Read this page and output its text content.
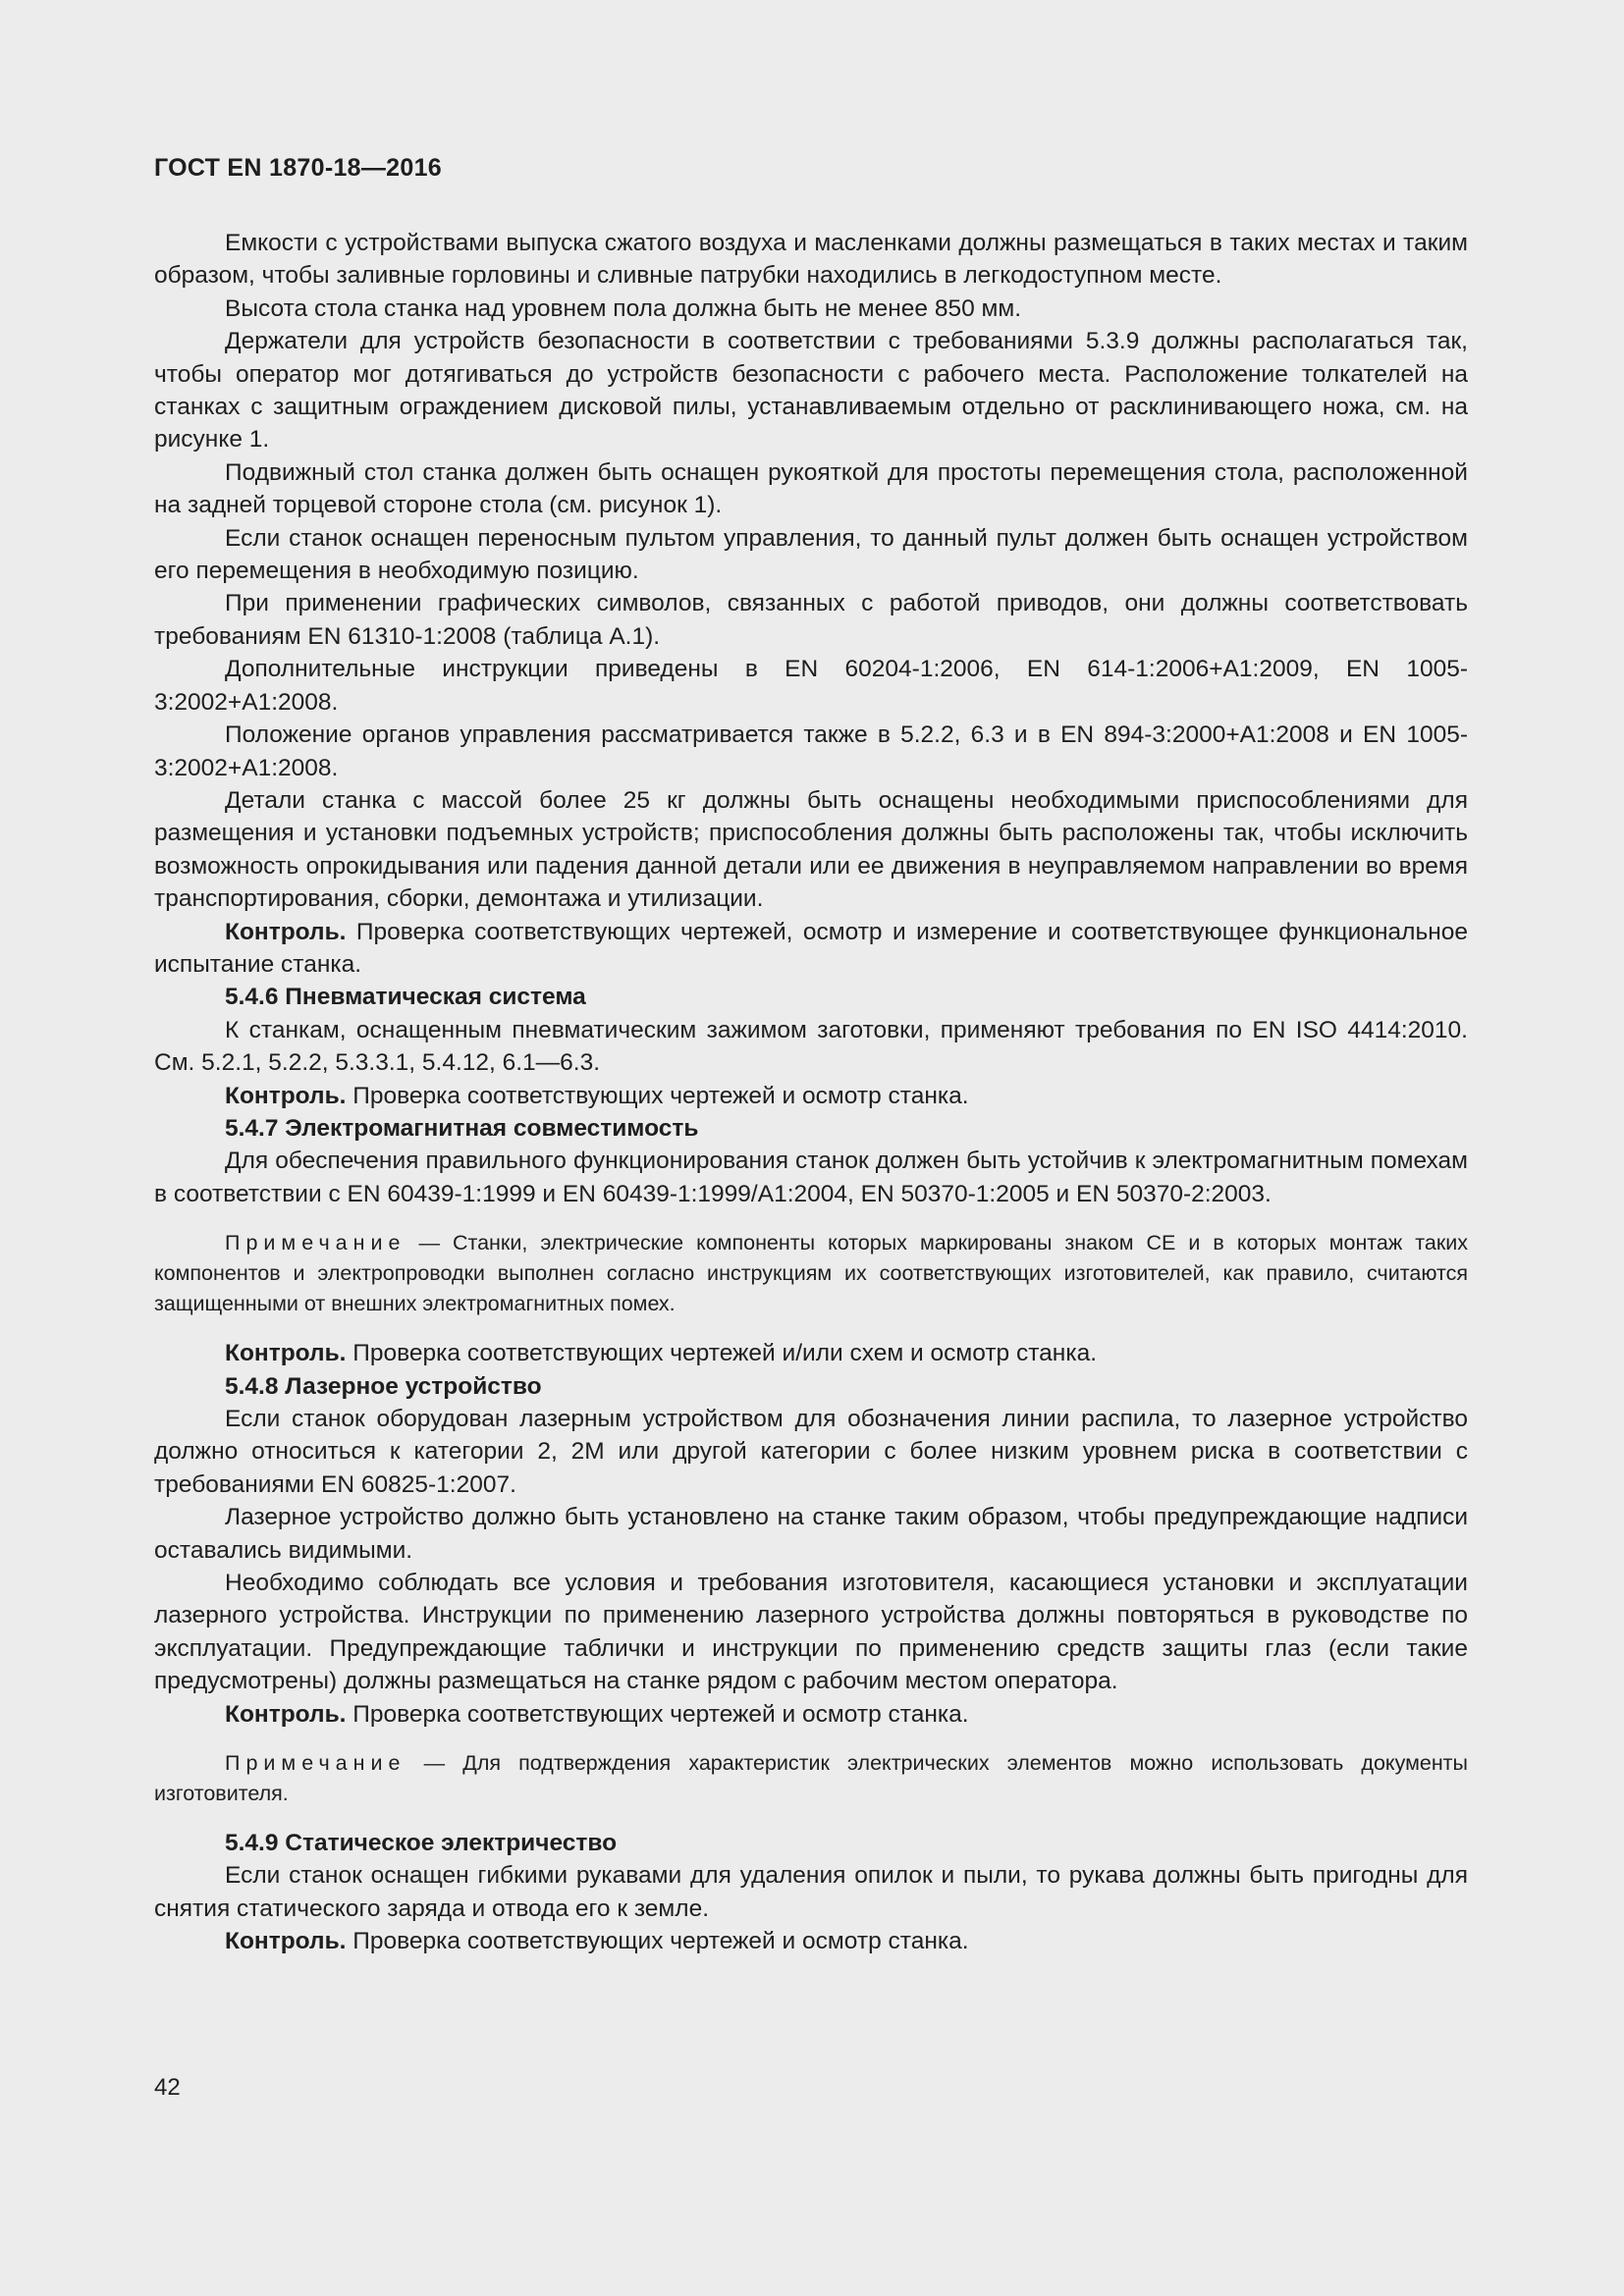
ГОСТ EN 1870-18—2016

Емкости с устройствами выпуска сжатого воздуха и масленками должны размещаться в таких местах и таким образом, чтобы заливные горловины и сливные патрубки находились в легкодоступном месте.

Высота стола станка над уровнем пола должна быть не менее 850 мм.

Держатели для устройств безопасности в соответствии с требованиями 5.3.9 должны располагаться так, чтобы оператор мог дотягиваться до устройств безопасности с рабочего места. Расположение толкателей на станках с защитным ограждением дисковой пилы, устанавливаемым отдельно от расклинивающего ножа, см. на рисунке 1.

Подвижный стол станка должен быть оснащен рукояткой для простоты перемещения стола, расположенной на задней торцевой стороне стола (см. рисунок 1).

Если станок оснащен переносным пультом управления, то данный пульт должен быть оснащен устройством его перемещения в необходимую позицию.

При применении графических символов, связанных с работой приводов, они должны соответствовать требованиям EN 61310-1:2008 (таблица А.1).

Дополнительные инструкции приведены в EN 60204-1:2006, EN 614-1:2006+A1:2009, EN 1005-3:2002+A1:2008.

Положение органов управления рассматривается также в 5.2.2, 6.3 и в EN 894-3:2000+A1:2008 и EN 1005-3:2002+A1:2008.

Детали станка с массой более 25 кг должны быть оснащены необходимыми приспособлениями для размещения и установки подъемных устройств; приспособления должны быть расположены так, чтобы исключить возможность опрокидывания или падения данной детали или ее движения в неуправляемом направлении во время транспортирования, сборки, демонтажа и утилизации.

Контроль. Проверка соответствующих чертежей, осмотр и измерение и соответствующее функциональное испытание станка.

5.4.6 Пневматическая система

К станкам, оснащенным пневматическим зажимом заготовки, применяют требования по EN ISO 4414:2010. См. 5.2.1, 5.2.2, 5.3.3.1, 5.4.12, 6.1—6.3.

Контроль. Проверка соответствующих чертежей и осмотр станка.

5.4.7 Электромагнитная совместимость

Для обеспечения правильного функционирования станок должен быть устойчив к электромагнитным помехам в соответствии с EN 60439-1:1999 и EN 60439-1:1999/A1:2004, EN 50370-1:2005 и EN 50370-2:2003.

Примечание — Станки, электрические компоненты которых маркированы знаком СЕ и в которых монтаж таких компонентов и электропроводки выполнен согласно инструкциям их соответствующих изготовителей, как правило, считаются защищенными от внешних электромагнитных помех.

Контроль. Проверка соответствующих чертежей и/или схем и осмотр станка.

5.4.8 Лазерное устройство

Если станок оборудован лазерным устройством для обозначения линии распила, то лазерное устройство должно относиться к категории 2, 2М или другой категории с более низким уровнем риска в соответствии с требованиями EN 60825-1:2007.

Лазерное устройство должно быть установлено на станке таким образом, чтобы предупреждающие надписи оставались видимыми.

Необходимо соблюдать все условия и требования изготовителя, касающиеся установки и эксплуатации лазерного устройства. Инструкции по применению лазерного устройства должны повторяться в руководстве по эксплуатации. Предупреждающие таблички и инструкции по применению средств защиты глаз (если такие предусмотрены) должны размещаться на станке рядом с рабочим местом оператора.

Контроль. Проверка соответствующих чертежей и осмотр станка.

Примечание — Для подтверждения характеристик электрических элементов можно использовать документы изготовителя.

5.4.9 Статическое электричество

Если станок оснащен гибкими рукавами для удаления опилок и пыли, то рукава должны быть пригодны для снятия статического заряда и отвода его к земле.

Контроль. Проверка соответствующих чертежей и осмотр станка.

42
